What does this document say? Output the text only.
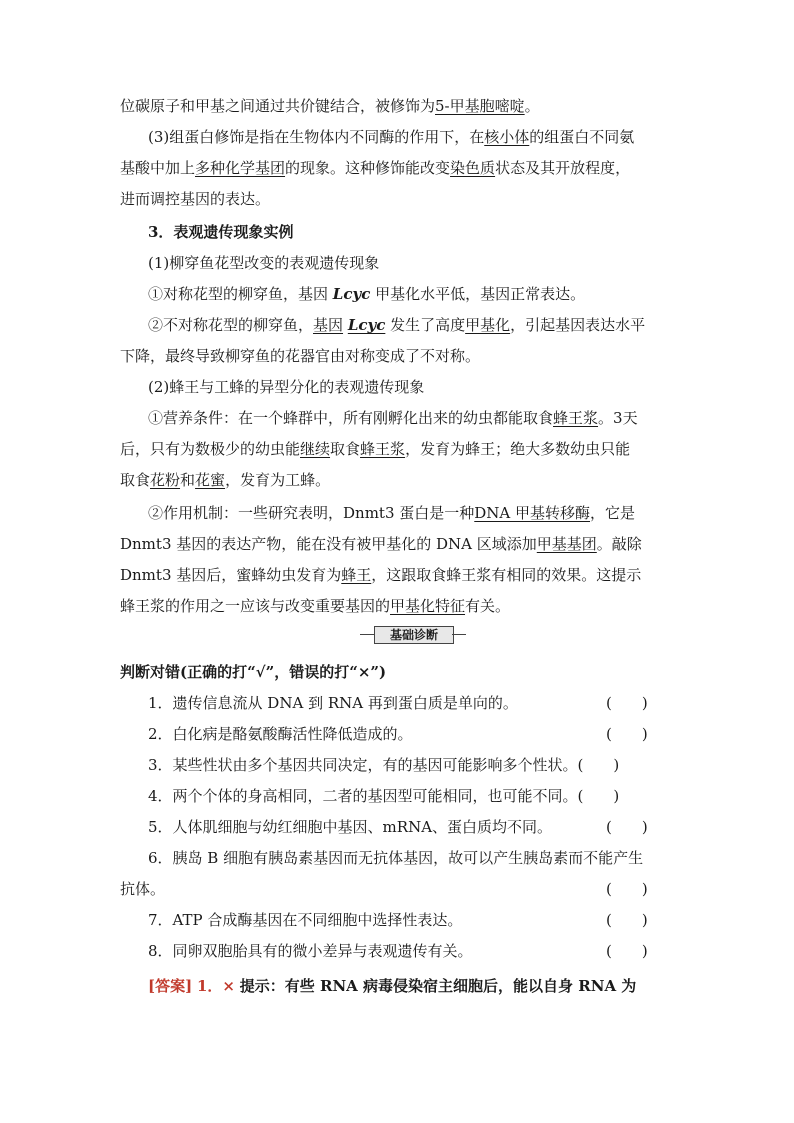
位碳原子和甲基之间通过共价键结合，被修饰为5-甲基胞嘧啶。
(3)组蛋白修饰是指在生物体内不同酶的作用下，在核小体的组蛋白不同氨
基酸中加上多种化学基团的现象。这种修饰能改变染色质状态及其开放程度，
进而调控基因的表达。
3．表观遗传现象实例
(1)柳穿鱼花型改变的表观遗传现象
①对称花型的柳穿鱼，基因 Lcyc 甲基化水平低，基因正常表达。
②不对称花型的柳穿鱼，基因 Lcyc 发生了高度甲基化，引起基因表达水平
下降，最终导致柳穿鱼的花器官由对称变成了不对称。
(2)蜂王与工蜂的异型分化的表观遗传现象
①营养条件：在一个蜂群中，所有刚孵化出来的幼虫都能取食蜂王浆。3天
后，只有为数极少的幼虫能继续取食蜂王浆，发育为蜂王；绝大多数幼虫只能
取食花粉和花蜜，发育为工蜂。
②作用机制：一些研究表明，Dnmt3 蛋白是一种DNA 甲基转移酶，它是
Dnmt3 基因的表达产物，能在没有被甲基化的 DNA 区域添加甲基基团。敲除
Dnmt3 基因后，蜜蜂幼虫发育为蜂王，这跟取食蜂王浆有相同的效果。这提示
蜂王浆的作用之一应该与改变重要基因的甲基化特征有关。
基础诊断
判断对错(正确的打“√”，错误的打“×”)
1．遗传信息流从 DNA 到 RNA 再到蛋白质是单向的。	(　　)
2．白化病是酪氨酸酶活性降低造成的。	(　　)
3．某些性状由多个基因共同决定，有的基因可能影响多个性状。(　　)
4．两个个体的身高相同，二者的基因型可能相同，也可能不同。(　　)
5．人体肌细胞与幼红细胞中基因、mRNA、蛋白质均不同。	(　　)
6．胰岛 B 细胞有胰岛素基因而无抗体基因，故可以产生胰岛素而不能产生
抗体。	(　　)
7．ATP 合成酶基因在不同细胞中选择性表达。	(　　)
8．同卵双胞胎具有的微小差异与表观遗传有关。	(　　)
[答案] 1．× 提示：有些 RNA 病毒侵染宿主细胞后，能以自身 RNA 为
